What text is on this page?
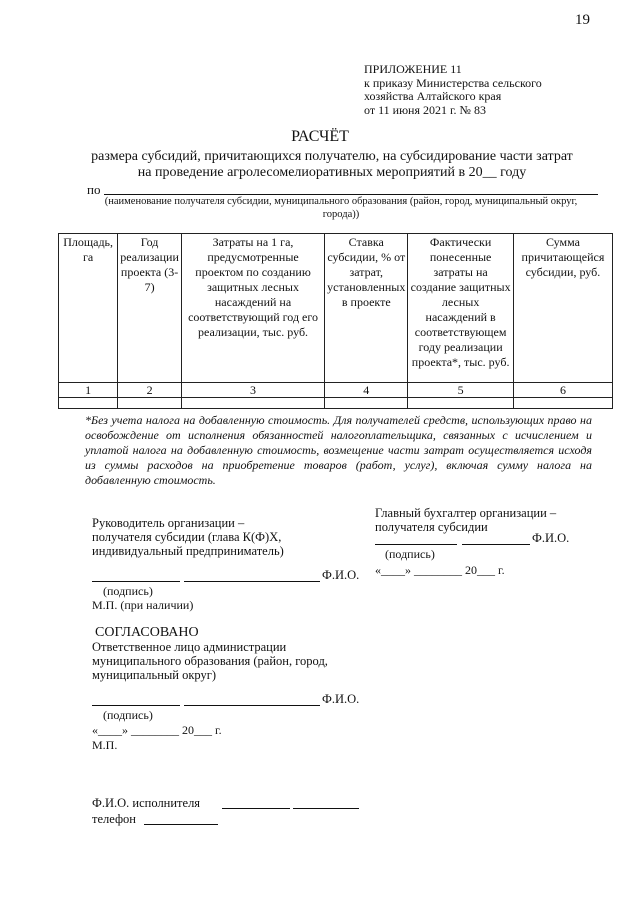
19
ПРИЛОЖЕНИЕ 11
к приказу Министерства сельского
хозяйства Алтайского края
от 11 июня 2021 г. № 83
РАСЧЁТ
размера субсидий, причитающихся получателю, на субсидирование части затрат
на проведение агролесомелиоративных мероприятий в 20__ году
по
(наименование получателя субсидии, муниципального образования (район, город, муниципальный округ, города))
Площадь, га	Год реализации проекта (3-7)	Затраты на 1 га, предусмотренные проектом по созданию защитных лесных насаждений на соответствующий год его реализации, тыс. руб.	Ставка субсидии, % от затрат, установленных в проекте	Фактически понесенные затраты на создание защитных лесных насаждений в соответствующем году реализации проекта*, тыс. руб.	Сумма причитающейся субсидии, руб.
1	2	3	4	5	6

*Без учета налога на добавленную стоимость. Для получателей средств, использующих право на освобождение от исполнения обязанностей налогоплательщика, связанных с исчислением и уплатой налога на добавленную стоимость, возмещение части затрат осуществляется исходя из суммы расходов на приобретение товаров (работ, услуг), включая сумму налога на добавленную стоимость.
Главный бухгалтер организации –
получателя субсидии
Ф.И.О.
(подпись)
«____» ________ 20___ г.
Руководитель организации –
получателя субсидии (глава К(Ф)Х,
индивидуальный предприниматель)
Ф.И.О.
(подпись)
М.П. (при наличии)
СОГЛАСОВАНО
Ответственное лицо администрации
муниципального образования (район, город,
муниципальный округ)
Ф.И.О.
(подпись)
«____» ________ 20___ г.
М.П.
Ф.И.О. исполнителя
телефон
